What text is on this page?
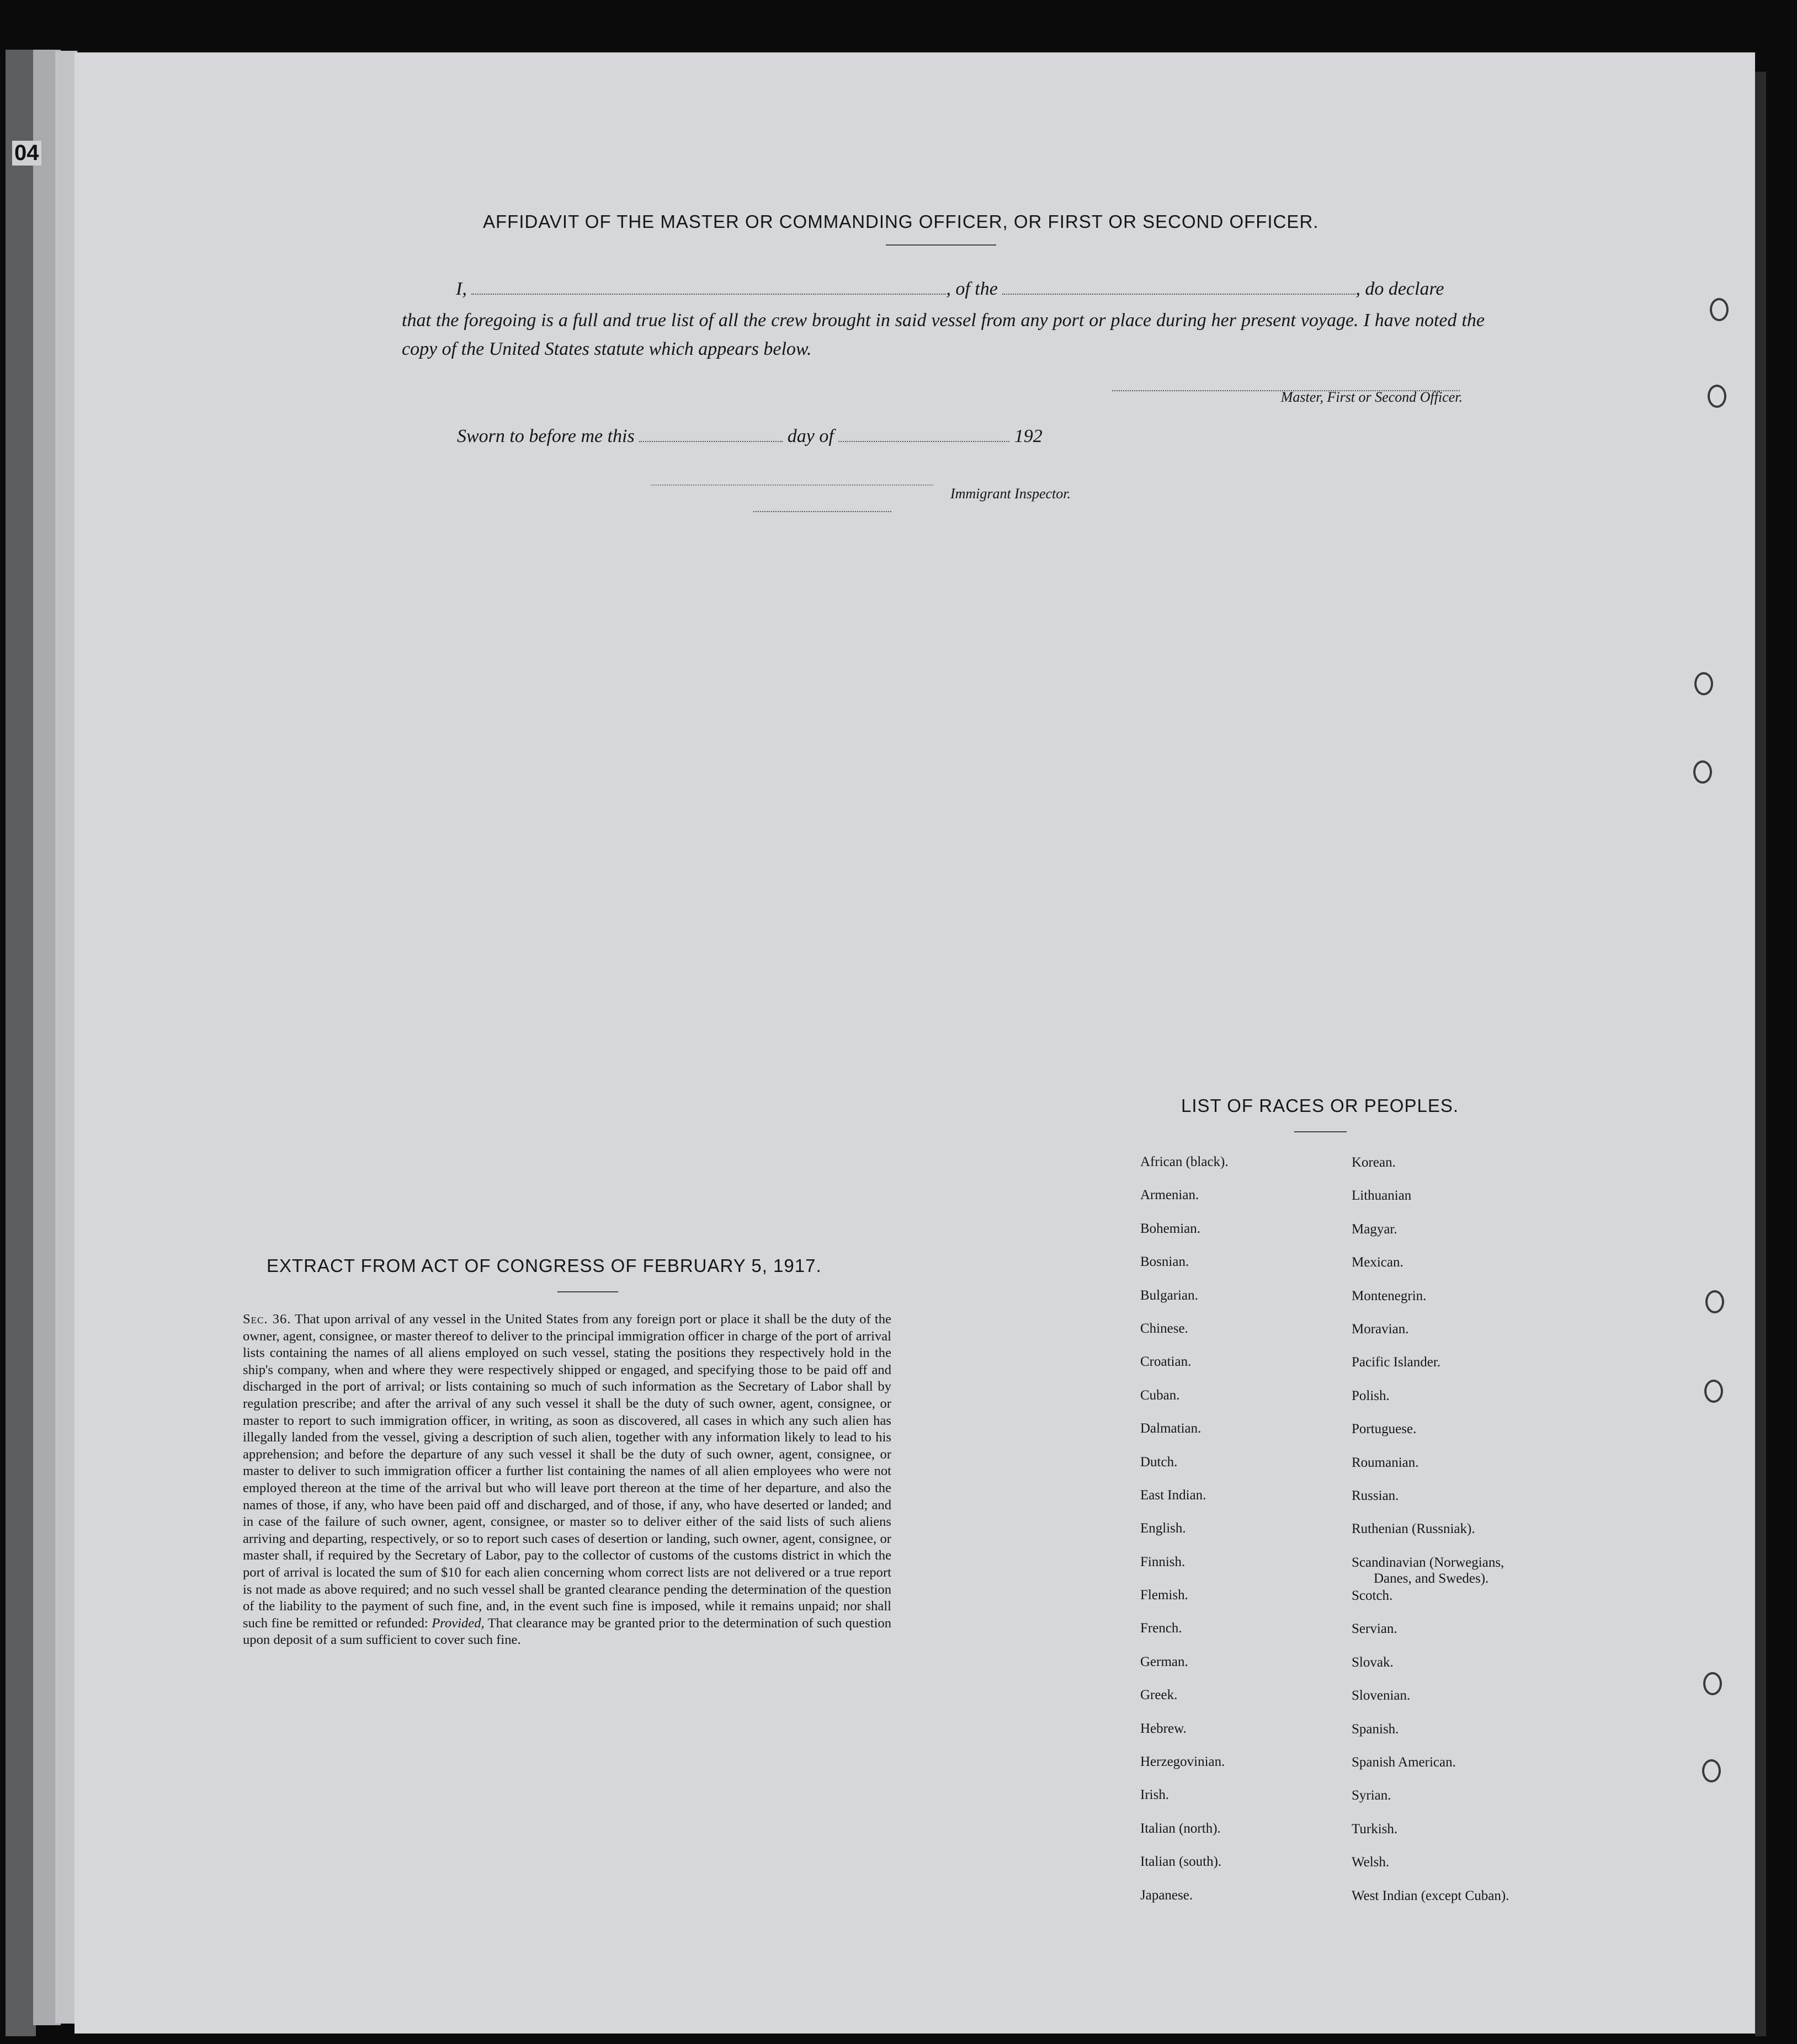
04
AFFIDAVIT OF THE MASTER OR COMMANDING OFFICER, OR FIRST OR SECOND OFFICER.
I,	, of the	, do declare
that the foregoing is a full and true list of all the crew brought in said vessel from any port or place during her present voyage. I have noted the copy of the United States statute which appears below.
Master, First or Second Officer.
Sworn to before me this	day of	192
Immigrant Inspector.
LIST OF RACES OR PEOPLES.
African (black).	Korean.
Armenian.	Lithuanian
Bohemian.	Magyar.
Bosnian.	Mexican.
Bulgarian.	Montenegrin.
Chinese.	Moravian.
Croatian.	Pacific Islander.
Cuban.	Polish.
Dalmatian.	Portuguese.
Dutch.	Roumanian.
East Indian.	Russian.
English.	Ruthenian (Russniak).
Finnish.	Scandinavian (Norwegians,
Danes, and Swedes).
Flemish.	Scotch.
French.	Servian.
German.	Slovak.
Greek.	Slovenian.
Hebrew.	Spanish.
Herzegovinian.	Spanish American.
Irish.	Syrian.
Italian (north).	Turkish.
Italian (south).	Welsh.
Japanese.	West Indian (except Cuban).
EXTRACT FROM ACT OF CONGRESS OF FEBRUARY 5, 1917.
Sec. 36. That upon arrival of any vessel in the United States from any foreign port or place it shall be the duty of the owner, agent, consignee, or master thereof to deliver to the principal immigration officer in charge of the port of arrival lists containing the names of all aliens employed on such vessel, stating the positions they respectively hold in the ship's company, when and where they were respectively shipped or engaged, and specifying those to be paid off and discharged in the port of arrival; or lists containing so much of such information as the Secretary of Labor shall by regulation prescribe; and after the arrival of any such vessel it shall be the duty of such owner, agent, consignee, or master to report to such immigration officer, in writing, as soon as discovered, all cases in which any such alien has illegally landed from the vessel, giving a description of such alien, together with any information likely to lead to his apprehension; and before the departure of any such vessel it shall be the duty of such owner, agent, consignee, or master to deliver to such immigration officer a further list containing the names of all alien employees who were not employed thereon at the time of the arrival but who will leave port thereon at the time of her departure, and also the names of those, if any, who have been paid off and discharged, and of those, if any, who have deserted or landed; and in case of the failure of such owner, agent, consignee, or master so to deliver either of the said lists of such aliens arriving and departing, respectively, or so to report such cases of desertion or landing, such owner, agent, consignee, or master shall, if required by the Secretary of Labor, pay to the collector of customs of the customs district in which the port of arrival is located the sum of $10 for each alien concerning whom correct lists are not delivered or a true report is not made as above required; and no such vessel shall be granted clearance pending the determination of the question of the liability to the payment of such fine, and, in the event such fine is imposed, while it remains unpaid; nor shall such fine be remitted or refunded: Provided, That clearance may be granted prior to the determination of such question upon deposit of a sum sufficient to cover such fine.
